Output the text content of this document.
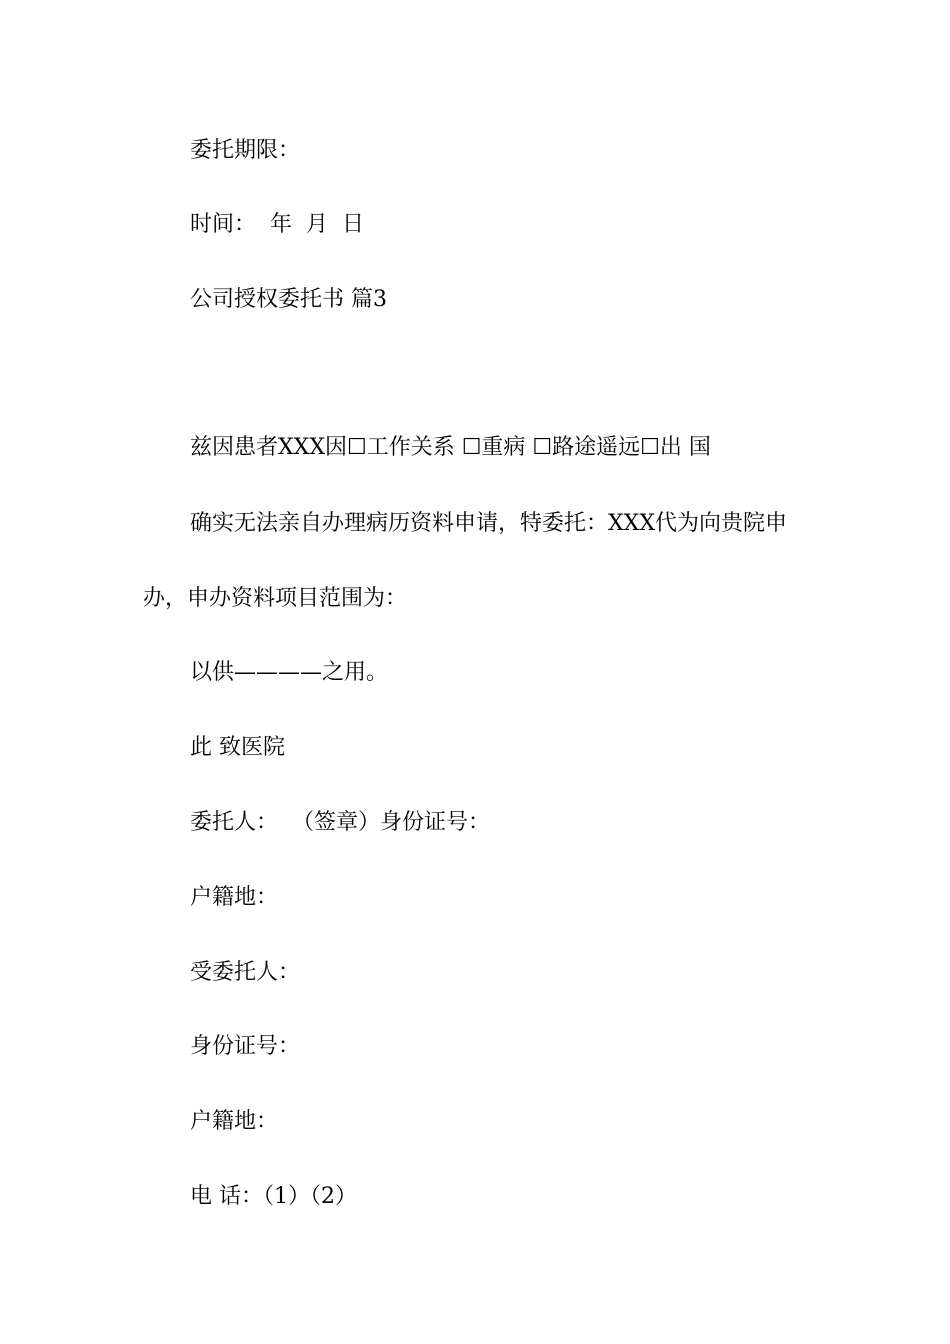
委托期限：
时间：  年  月  日
公司授权委托书 篇3
兹因患者XXX因☐工作关系 ☐重病 ☐路途遥远☐出 国
确实无法亲自办理病历资料申请，特委托：XXX代为向贵院申
办，申办资料项目范围为：
以供————之用。
此 致医院
委托人：  （签章）身份证号：
户籍地：
受委托人：
身份证号：
户籍地：
电 话：（1）（2）
